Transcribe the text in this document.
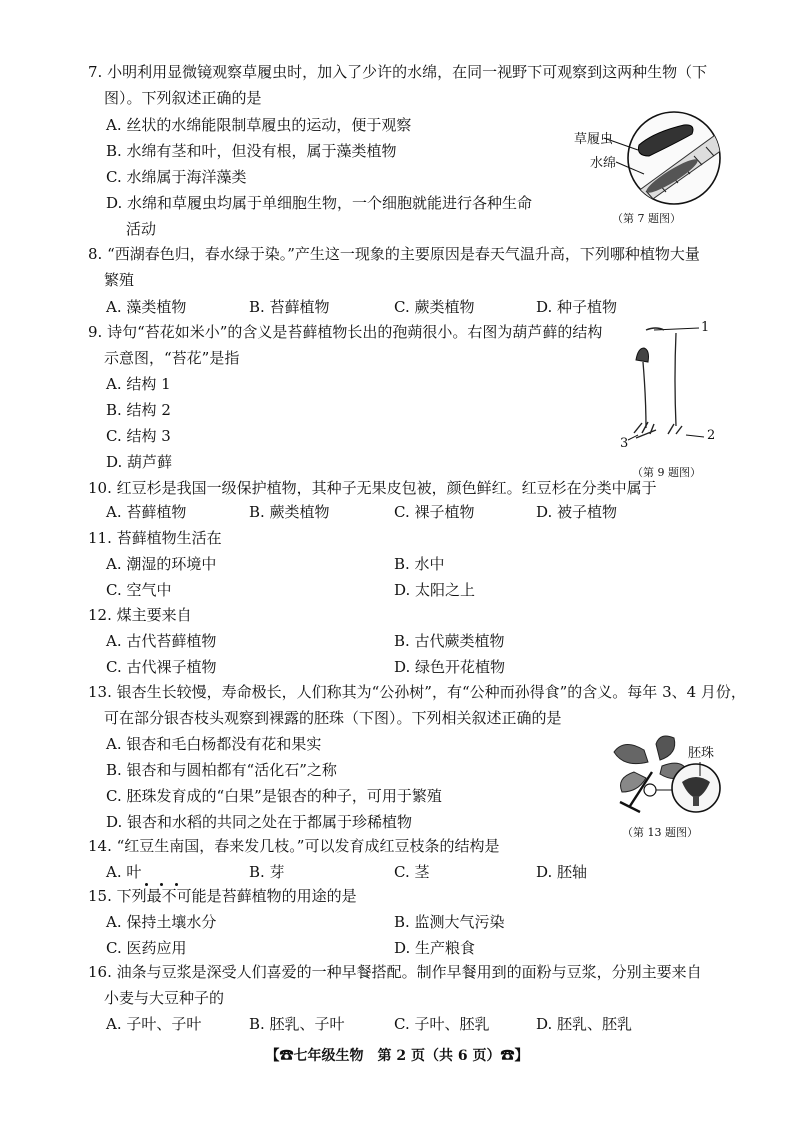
7. 小明利用显微镜观察草履虫时，加入了少许的水绵，在同一视野下可观察到这两种生物（下
图）。下列叙述正确的是
A. 丝状的水绵能限制草履虫的运动，便于观察
B. 水绵有茎和叶，但没有根，属于藻类植物
C. 水绵属于海洋藻类
D. 水绵和草履虫均属于单细胞生物，一个细胞就能进行各种生命
活动
草履虫
水绵
（第 7 题图）
8. “西湖春色归，春水绿于染。”产生这一现象的主要原因是春天气温升高，下列哪种植物大量
繁殖
A. 藻类植物	B. 苔藓植物	C. 蕨类植物	D. 种子植物
9. 诗句“苔花如米小”的含义是苔藓植物长出的孢蒴很小。右图为葫芦藓的结构
示意图，“苔花”是指
A. 结构 1
B. 结构 2
C. 结构 3
D. 葫芦藓
1
2
3
（第 9 题图）
10. 红豆杉是我国一级保护植物，其种子无果皮包被，颜色鲜红。红豆杉在分类中属于
A. 苔藓植物	B. 蕨类植物	C. 裸子植物	D. 被子植物
11. 苔藓植物生活在
A. 潮湿的环境中	B. 水中
C. 空气中	D. 太阳之上
12. 煤主要来自
A. 古代苔藓植物	B. 古代蕨类植物
C. 古代裸子植物	D. 绿色开花植物
13. 银杏生长较慢，寿命极长，人们称其为“公孙树”，有“公种而孙得食”的含义。每年 3、4 月份，
可在部分银杏枝头观察到裸露的胚珠（下图）。下列相关叙述正确的是
A. 银杏和毛白杨都没有花和果实
B. 银杏和与圆柏都有“活化石”之称
C. 胚珠发育成的“白果”是银杏的种子，可用于繁殖
D. 银杏和水稻的共同之处在于都属于珍稀植物
胚珠
（第 13 题图）
14. “红豆生南国，春来发几枝。”可以发育成红豆枝条的结构是
A. 叶	B. 芽	C. 茎	D. 胚轴
15. 下列最不可能是苔藓植物的用途的是
A. 保持土壤水分	B. 监测大气污染
C. 医药应用	D. 生产粮食
16. 油条与豆浆是深受人们喜爱的一种早餐搭配。制作早餐用到的面粉与豆浆，分别主要来自
小麦与大豆种子的
A. 子叶、子叶	B. 胚乳、子叶	C. 子叶、胚乳	D. 胚乳、胚乳
【☎七年级生物　第 2 页（共 6 页）☎】
